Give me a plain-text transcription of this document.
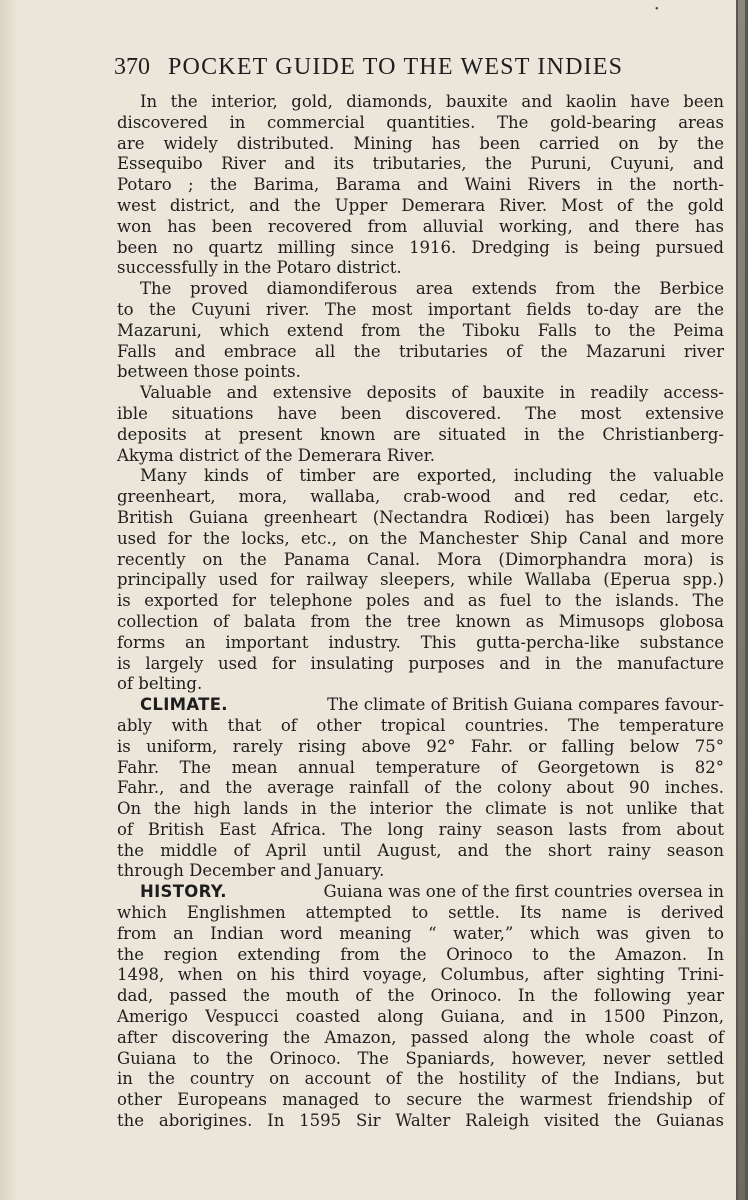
•
370 POCKET GUIDE TO THE WEST INDIES
In the interior, gold, diamonds, bauxite and kaolin have been
discovered in commercial quantities. The gold-bearing areas
are widely distributed. Mining has been carried on by the
Essequibo River and its tributaries, the Puruni, Cuyuni, and
Potaro ; the Barima, Barama and Waini Rivers in the north-
west district, and the Upper Demerara River. Most of the gold
won has been recovered from alluvial working, and there has
been no quartz milling since 1916. Dredging is being pursued
successfully in the Potaro district.
The proved diamondiferous area extends from the Berbice
to the Cuyuni river. The most important fields to-day are the
Mazaruni, which extend from the Tiboku Falls to the Peima
Falls and embrace all the tributaries of the Mazaruni river
between those points.
Valuable and extensive deposits of bauxite in readily access-
ible situations have been discovered. The most extensive
deposits at present known are situated in the Christianberg-
Akyma district of the Demerara River.
Many kinds of timber are exported, including the valuable
greenheart, mora, wallaba, crab-wood and red cedar, etc.
British Guiana greenheart (Nectandra Rodiœi) has been largely
used for the locks, etc., on the Manchester Ship Canal and more
recently on the Panama Canal. Mora (Dimorphandra mora) is
principally used for railway sleepers, while Wallaba (Eperua spp.)
is exported for telephone poles and as fuel to the islands. The
collection of balata from the tree known as Mimusops globosa
forms an important industry. This gutta-percha-like substance
is largely used for insulating purposes and in the manufacture
of belting.
CLIMATE.	The climate of British Guiana compares favour-
ably with that of other tropical countries. The temperature
is uniform, rarely rising above 92° Fahr. or falling below 75°
Fahr. The mean annual temperature of Georgetown is 82°
Fahr., and the average rainfall of the colony about 90 inches.
On the high lands in the interior the climate is not unlike that
of British East Africa. The long rainy season lasts from about
the middle of April until August, and the short rainy season
through December and January.
HISTORY.	Guiana was one of the first countries oversea in
which Englishmen attempted to settle. Its name is derived
from an Indian word meaning “ water,” which was given to
the region extending from the Orinoco to the Amazon. In
1498, when on his third voyage, Columbus, after sighting Trini-
dad, passed the mouth of the Orinoco. In the following year
Amerigo Vespucci coasted along Guiana, and in 1500 Pinzon,
after discovering the Amazon, passed along the whole coast of
Guiana to the Orinoco. The Spaniards, however, never settled
in the country on account of the hostility of the Indians, but
other Europeans managed to secure the warmest friendship of
the aborigines. In 1595 Sir Walter Raleigh visited the Guianas
